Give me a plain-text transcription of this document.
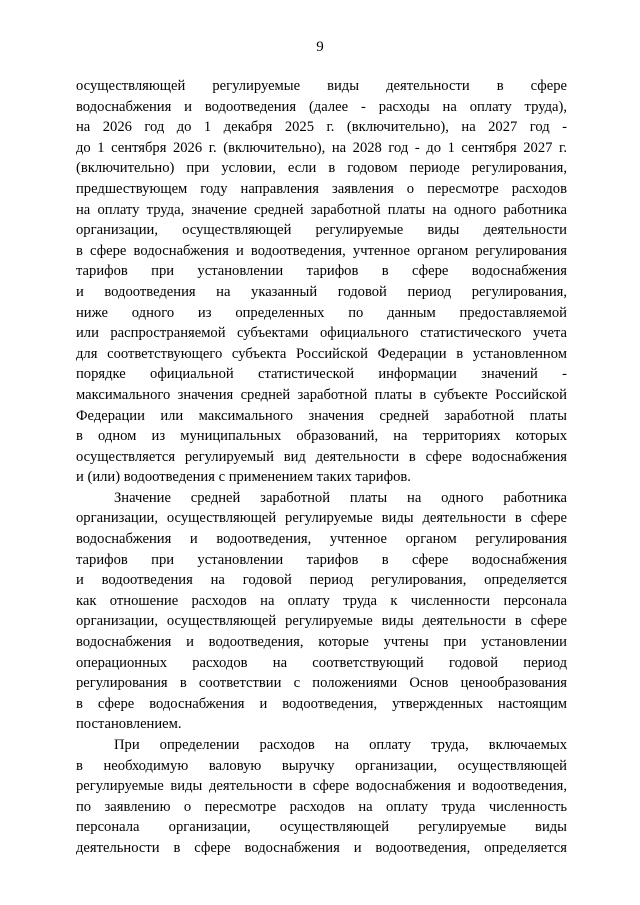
9
осуществляющей регулируемые виды деятельности в сфере
водоснабжения и водоотведения (далее - расходы на оплату труда),
на 2026 год до 1 декабря 2025 г. (включительно), на 2027 год -
до 1 сентября 2026 г. (включительно), на 2028 год - до 1 сентября 2027 г.
(включительно) при условии, если в годовом периоде регулирования,
предшествующем году направления заявления о пересмотре расходов
на оплату труда, значение средней заработной платы на одного работника
организации, осуществляющей регулируемые виды деятельности
в сфере водоснабжения и водоотведения, учтенное органом регулирования
тарифов при установлении тарифов в сфере водоснабжения
и водоотведения на указанный годовой период регулирования,
ниже одного из определенных по данным предоставляемой
или распространяемой субъектами официального статистического учета
для соответствующего субъекта Российской Федерации в установленном
порядке официальной статистической информации значений -
максимального значения средней заработной платы в субъекте Российской
Федерации или максимального значения средней заработной платы
в одном из муниципальных образований, на территориях которых
осуществляется регулируемый вид деятельности в сфере водоснабжения
и (или) водоотведения с применением таких тарифов.
Значение средней заработной платы на одного работника
организации, осуществляющей регулируемые виды деятельности в сфере
водоснабжения и водоотведения, учтенное органом регулирования
тарифов при установлении тарифов в сфере водоснабжения
и водоотведения на годовой период регулирования, определяется
как отношение расходов на оплату труда к численности персонала
организации, осуществляющей регулируемые виды деятельности в сфере
водоснабжения и водоотведения, которые учтены при установлении
операционных расходов на соответствующий годовой период
регулирования в соответствии с положениями Основ ценообразования
в сфере водоснабжения и водоотведения, утвержденных настоящим
постановлением.
При определении расходов на оплату труда, включаемых
в необходимую валовую выручку организации, осуществляющей
регулируемые виды деятельности в сфере водоснабжения и водоотведения,
по заявлению о пересмотре расходов на оплату труда численность
персонала организации, осуществляющей регулируемые виды
деятельности в сфере водоснабжения и водоотведения, определяется
